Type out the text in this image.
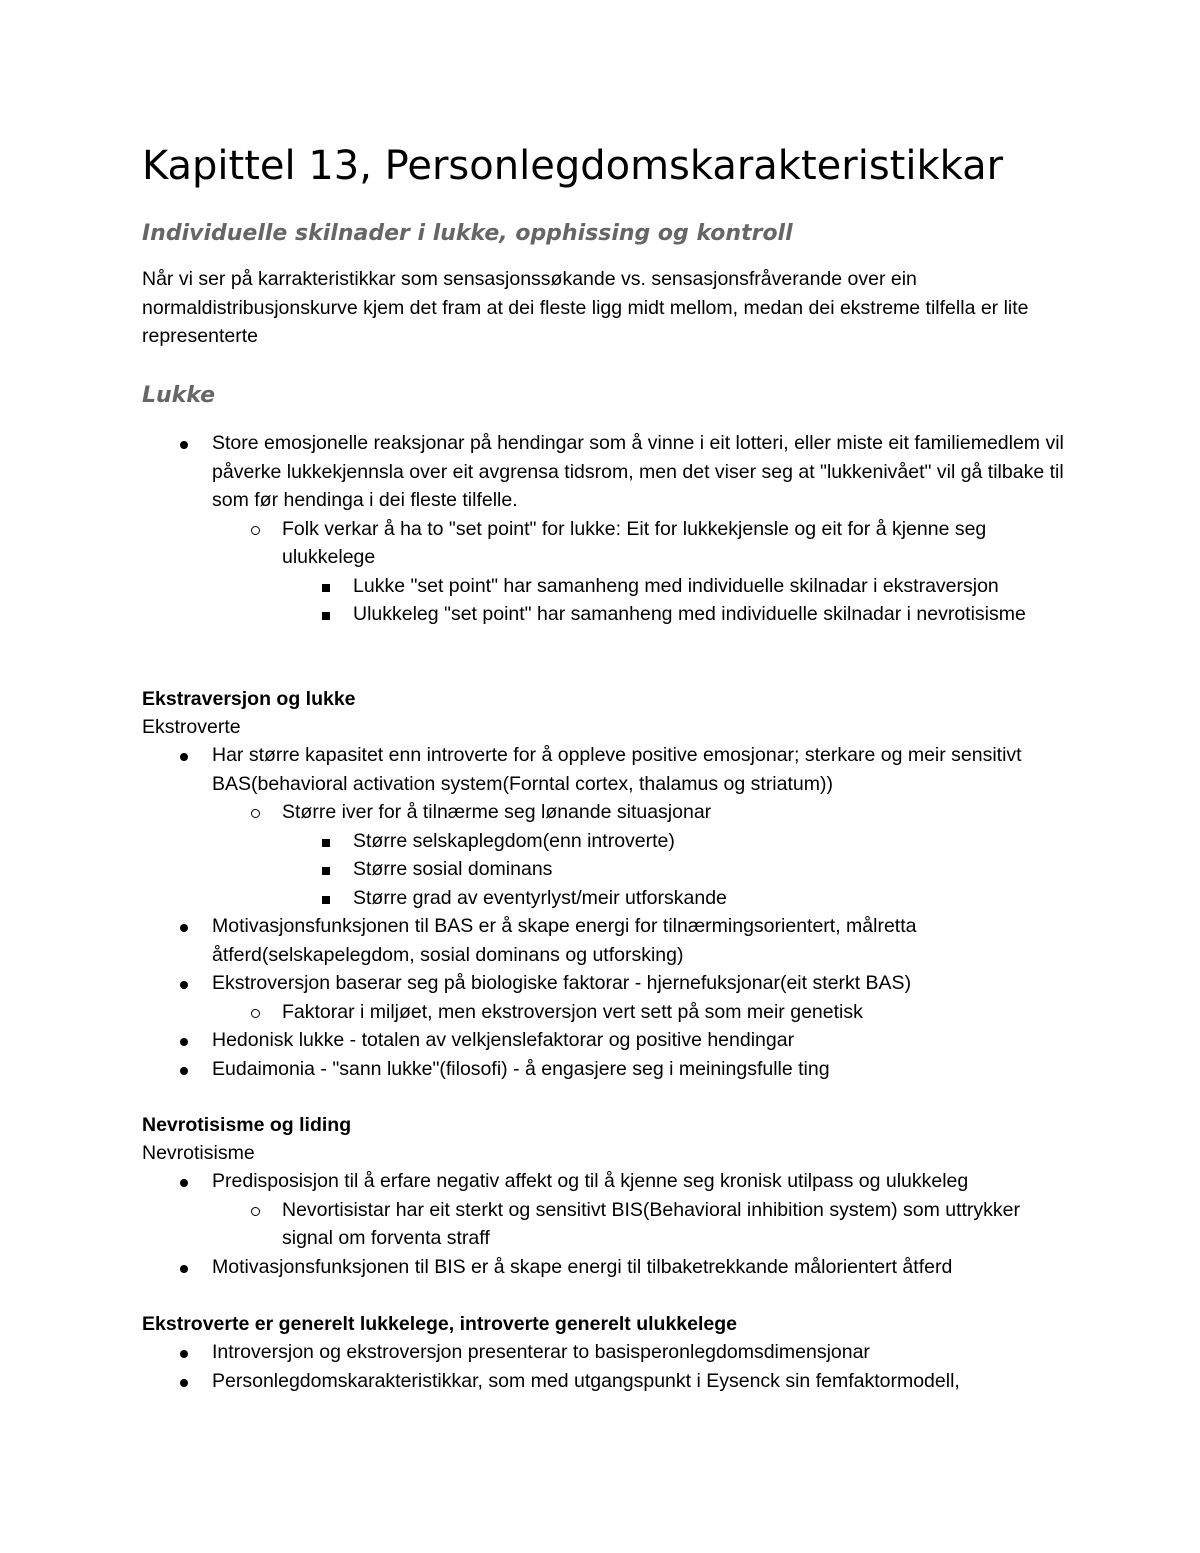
Kapittel 13, Personlegdomskarakteristikkar
Individuelle skilnader i lukke, opphissing og kontroll

Når vi ser på karrakteristikkar som sensasjonssøkande vs. sensasjonsfråverande over ein normaldistribusjonskurve kjem det fram at dei fleste ligg midt mellom, medan dei ekstreme tilfella er lite representerte

Lukke
Store emosjonelle reaksjonar på hendingar som å vinne i eit lotteri, eller miste eit familiemedlem vil påverke lukkekjennsla over eit avgrensa tidsrom, men det viser seg at "lukkenivået" vil gå tilbake til som før hendinga i dei fleste tilfelle.
Folk verkar å ha to "set point" for lukke: Eit for lukkekjensle og eit for å kjenne seg ulukkelege
Lukke "set point" har samanheng med individuelle skilnadar i ekstraversjon
Ulukkeleg "set point" har samanheng med individuelle skilnadar i nevrotisisme
Ekstraversjon og lukke
Ekstroverte
Har større kapasitet enn introverte for å oppleve positive emosjonar; sterkare og meir sensitivt BAS(behavioral activation system(Forntal cortex, thalamus og striatum))
Større iver for å tilnærme seg lønande situasjonar
Større selskaplegdom(enn introverte)
Større sosial dominans
Større grad av eventyrlyst/meir utforskande
Motivasjonsfunksjonen til BAS er å skape energi for tilnærmingsorientert, målretta åtferd(selskapelegdom, sosial dominans og utforsking)
Ekstroversjon baserar seg på biologiske faktorar - hjernefuksjonar(eit sterkt BAS)
Faktorar i miljøet, men ekstroversjon vert sett på som meir genetisk
Hedonisk lukke - totalen av velkjenslefaktorar og positive hendingar
Eudaimonia - "sann lukke"(filosofi) - å engasjere seg i meiningsfulle ting
Nevrotisisme og liding
Nevrotisisme
Predisposisjon til å erfare negativ affekt og til å kjenne seg kronisk utilpass og ulukkeleg
Nevortisistar har eit sterkt og sensitivt BIS(Behavioral inhibition system) som uttrykker signal om forventa straff
Motivasjonsfunksjonen til BIS er å skape energi til tilbaketrekkande målorientert åtferd
Ekstroverte er generelt lukkelege, introverte generelt ulukkelege
Introversjon og ekstroversjon presenterar to basisperonlegdomsdimensjonar
Personlegdomskarakteristikkar, som med utgangspunkt i Eysenck sin femfaktormodell,
